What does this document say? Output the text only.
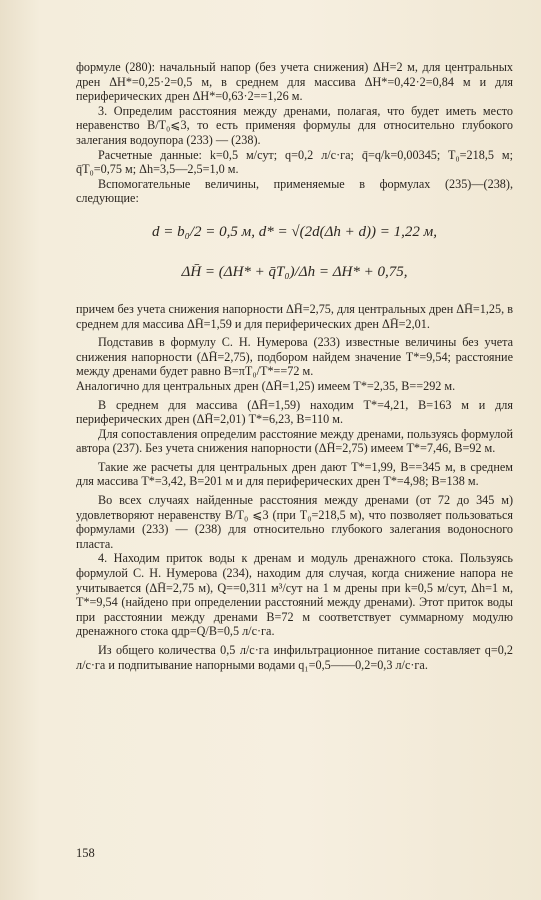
формуле (280): начальный напор (без учета снижения) ΔH=2 м, для центральных дрен ΔH*=0,25·2=0,5 м, в среднем для массива ΔH*=0,42·2=0,84 м и для периферических дрен ΔH*=0,63·2==1,26 м.

3. Определим расстояния между дренами, полагая, что будет иметь место неравенство B/T₀⩽3, то есть применяя формулы для относительно глубокого залегания водоупора (233) — (238).

Расчетные данные: k=0,5 м/сут; q=0,2 л/с·га; q̄=q/k=0,00345; T₀=218,5 м; q̄T₀=0,75 м; Δh=3,5—2,5=1,0 м.

Вспомогательные величины, применяемые в формулах (235)—(238), следующие:

d = b₀/2 = 0,5 м, d* = √(2d(Δh + d)) = 1,22 м,

ΔH̄ = (ΔH* + q̄T₀)/Δh = ΔH* + 0,75,

причем без учета снижения напорности ΔH̄=2,75, для центральных дрен ΔH̄=1,25, в среднем для массива ΔH̄=1,59 и для периферических дрен ΔH̄=2,01.

Подставив в формулу С. Н. Нумерова (233) известные величины без учета снижения напорности (ΔH̄=2,75), подбором найдем значение T*=9,54; расстояние между дренами будет равно B=πT₀/T*==72 м.

Аналогично для центральных дрен (ΔH̄=1,25) имеем T*=2,35, B==292 м.

В среднем для массива (ΔH̄=1,59) находим T*=4,21, B=163 м и для периферических дрен (ΔH̄=2,01) T*=6,23, B=110 м.

Для сопоставления определим расстояние между дренами, пользуясь формулой автора (237). Без учета снижения напорности (ΔH̄=2,75) имеем T*=7,46, B=92 м.

Такие же расчеты для центральных дрен дают T*=1,99, B==345 м, в среднем для массива T*=3,42, B=201 м и для периферических дрен T*=4,98; B=138 м.

Во всех случаях найденные расстояния между дренами (от 72 до 345 м) удовлетворяют неравенству B/T₀ ⩽3 (при T₀=218,5 м), что позволяет пользоваться формулами (233) — (238) для относительно глубокого залегания водоносного пласта.

4. Находим приток воды к дренам и модуль дренажного стока. Пользуясь формулой С. Н. Нумерова (234), находим для случая, когда снижение напора не учитывается (ΔH̄=2,75 м), Q==0,311 м³/сут на 1 м дрены при k=0,5 м/сут, Δh=1 м, T*=9,54 (найдено при определении расстояний между дренами). Этот приток воды при расстоянии между дренами B=72 м соответствует суммарному модулю дренажного стока qдр=Q/B=0,5 л/с·га.

Из общего количества 0,5 л/с·га инфильтрационное питание составляет q=0,2 л/с·га и подпитывание напорными водами q₁=0,5——0,2=0,3 л/с·га.

158
